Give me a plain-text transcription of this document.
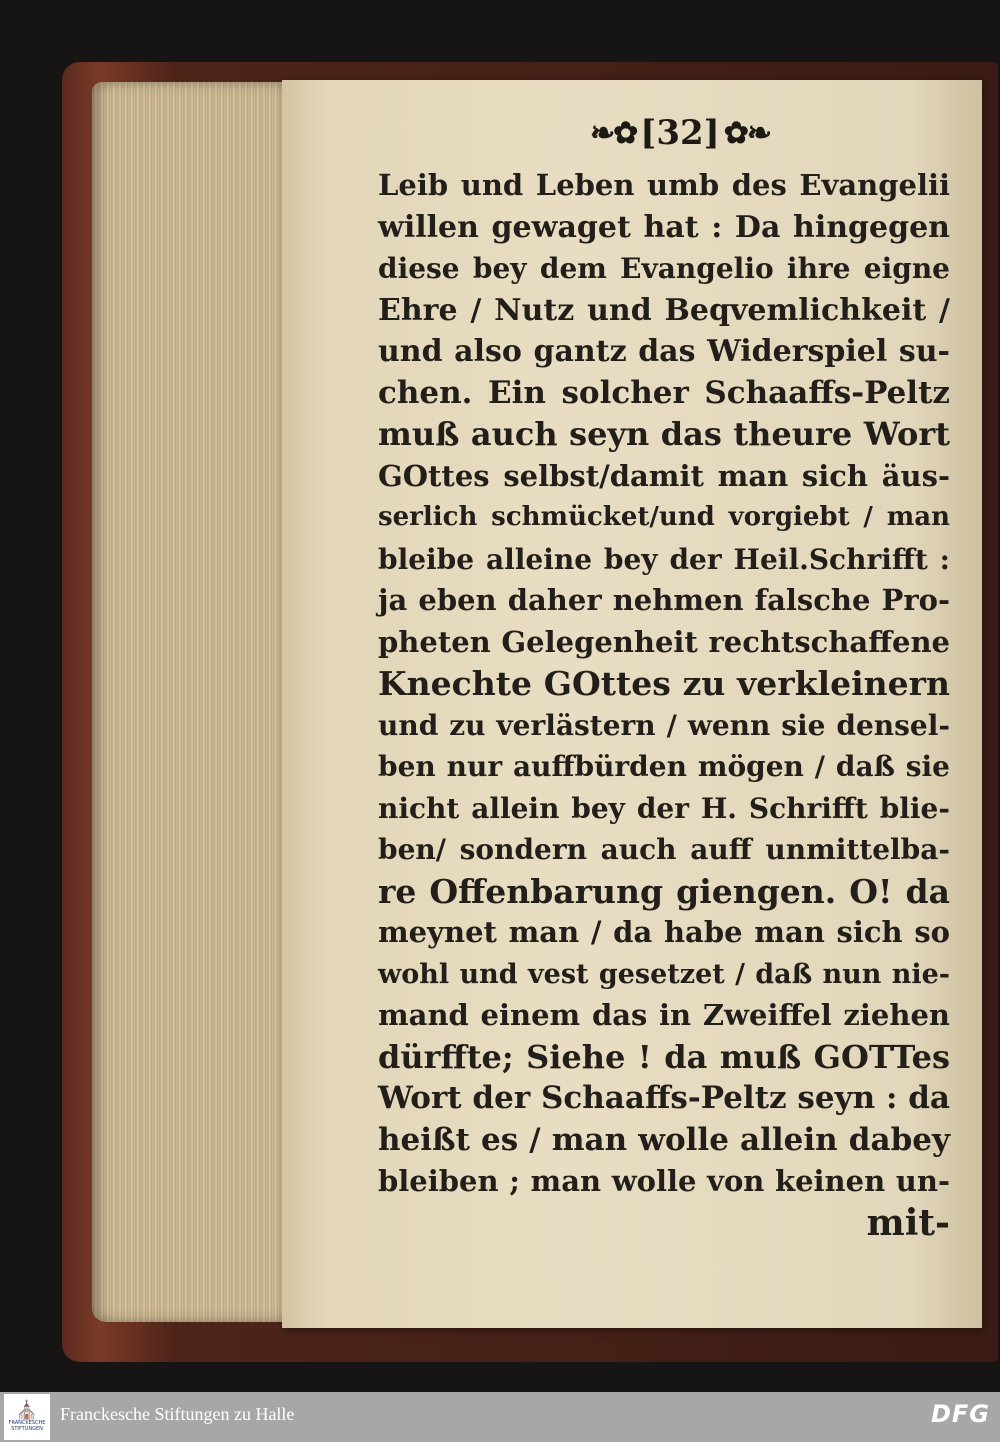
❧✿ [ 32 ] ✿❧
Leib und Leben umb des Evangelii
willen gewaget hat : Da hingegen
diese bey dem Evangelio ihre eigne
Ehre / Nutz und Beqvemlichkeit /
und also gantz das Widerspiel su-
chen. Ein solcher Schaaffs-Peltz
muß auch seyn das theure Wort
GOttes selbst/damit man sich äus-
serlich schmücket/und vorgiebt / man
bleibe alleine bey der Heil.Schrifft :
ja eben daher nehmen falsche Pro-
pheten Gelegenheit rechtschaffene
Knechte GOttes zu verkleinern
und zu verlästern / wenn sie densel-
ben nur auffbürden mögen / daß sie
nicht allein bey der H. Schrifft blie-
ben/ sondern auch auff unmittelba-
re Offenbarung giengen. O! da
meynet man / da habe man sich so
wohl und vest gesetzet / daß nun nie-
mand einem das in Zweiffel ziehen
dürffte; Siehe ! da muß GOTTes
Wort der Schaaffs-Peltz seyn : da
heißt es / man wolle allein dabey
bleiben ; man wolle von keinen un-
mit-
⛪
FRANCKESCHE STIFTUNGEN
Franckesche Stiftungen zu Halle	DFG
